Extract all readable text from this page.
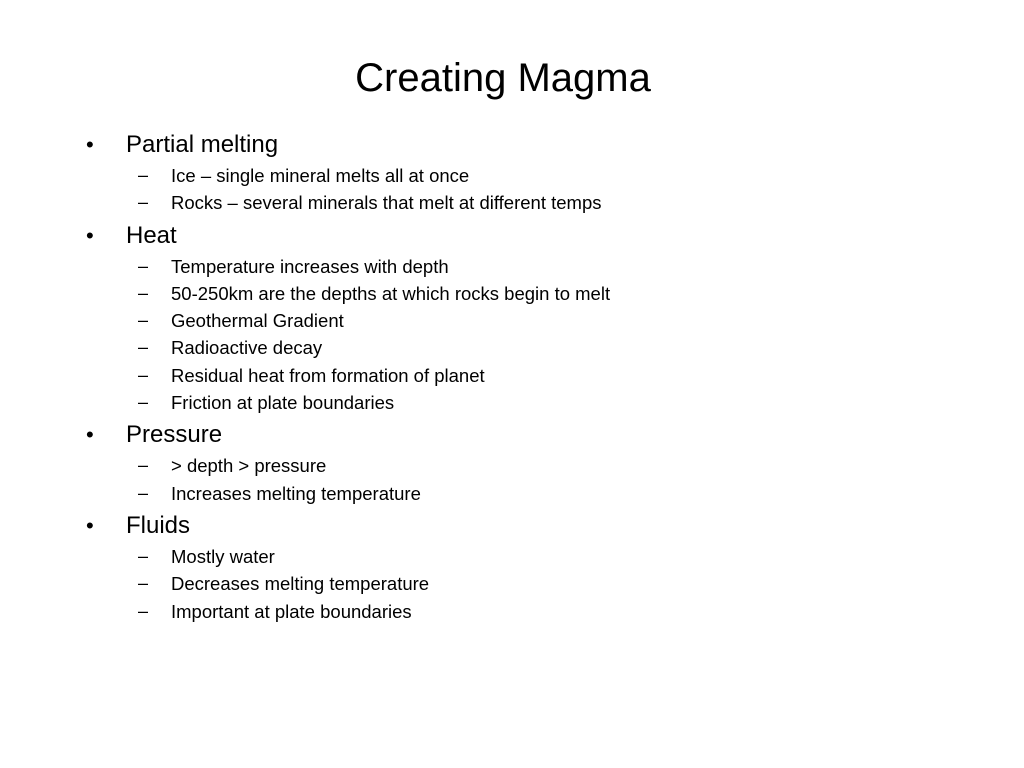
Creating Magma
• Partial melting
– Ice – single mineral melts all at once
– Rocks – several minerals that melt at different temps
• Heat
– Temperature increases with depth
– 50-250km are the depths at which rocks begin to melt
– Geothermal Gradient
– Radioactive decay
– Residual heat from formation of planet
– Friction at plate boundaries
• Pressure
– > depth > pressure
– Increases melting temperature
• Fluids
– Mostly water
– Decreases melting temperature
– Important at plate boundaries
